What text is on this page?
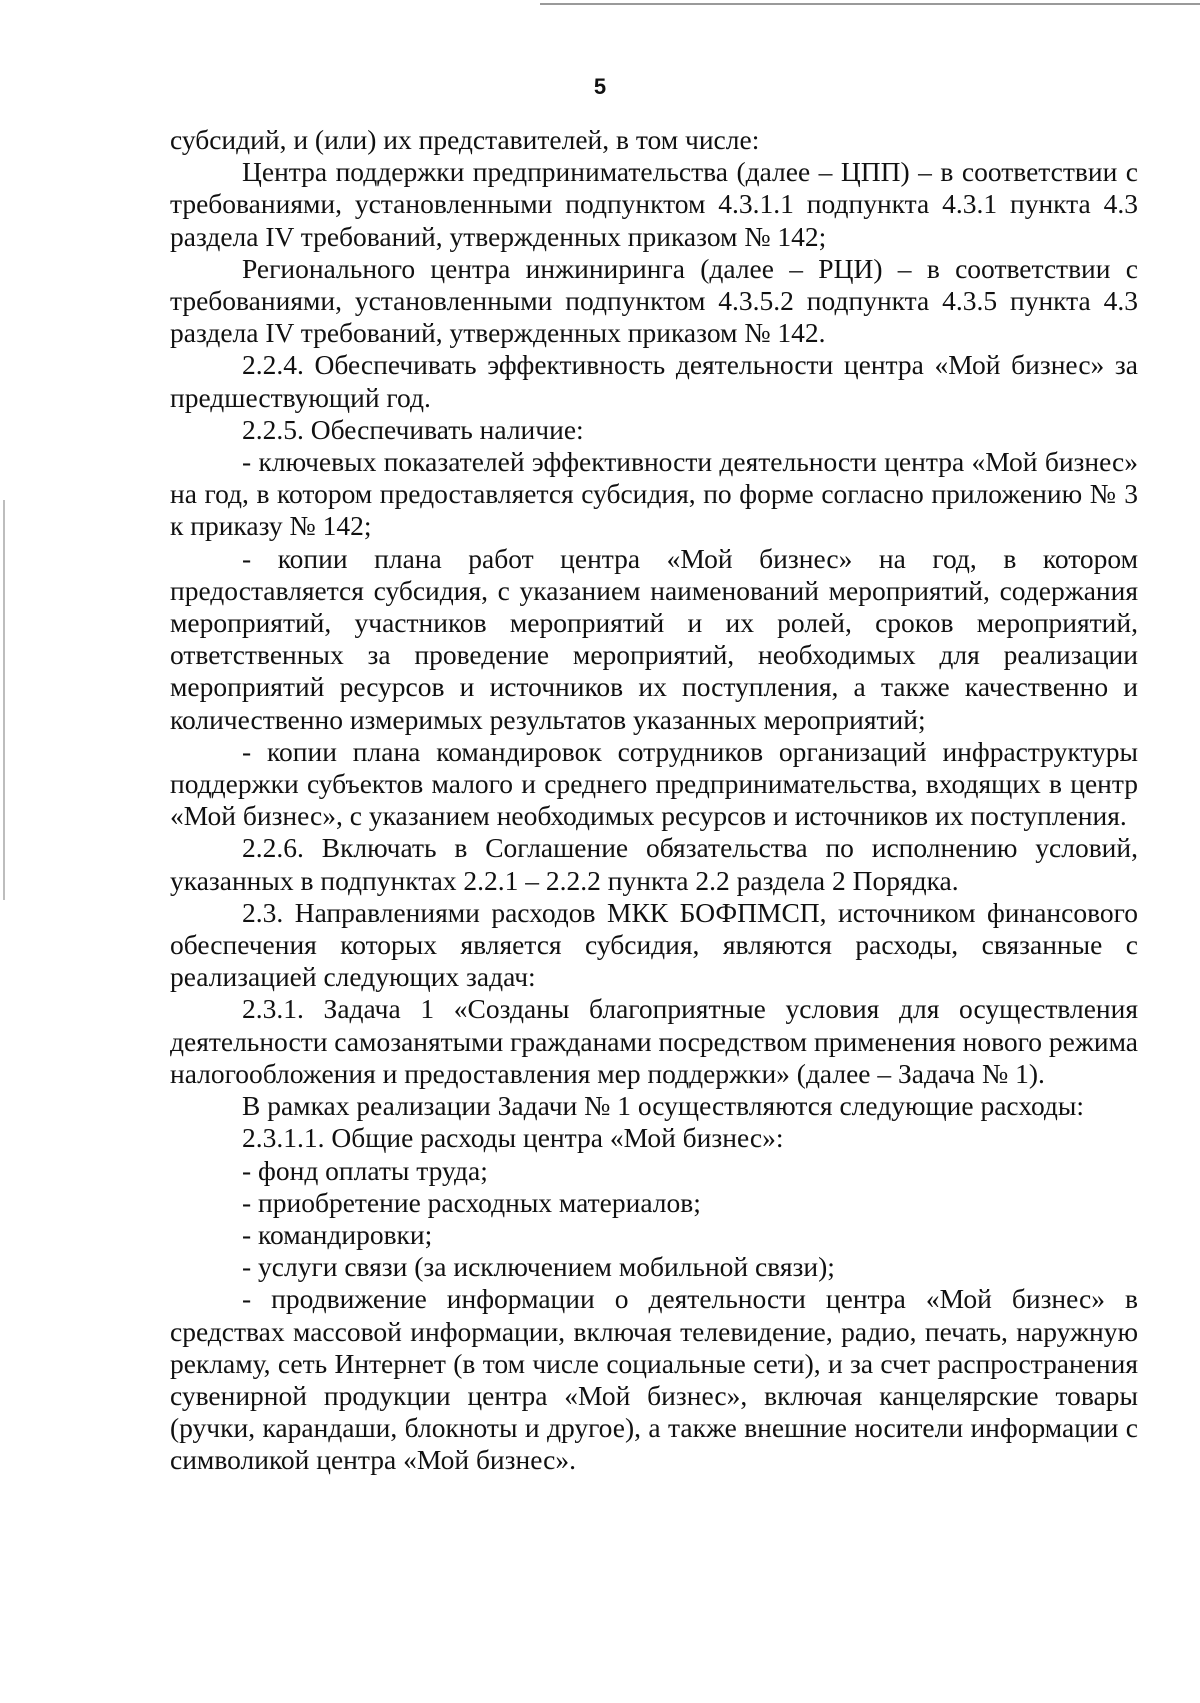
5

субсидий, и (или) их представителей, в том числе:

Центра поддержки предпринимательства (далее – ЦПП) – в соответствии с требованиями, установленными подпунктом 4.3.1.1 подпункта 4.3.1 пункта 4.3 раздела IV требований, утвержденных приказом № 142;

Регионального центра инжиниринга (далее – РЦИ) – в соответствии с требованиями, установленными подпунктом 4.3.5.2 подпункта 4.3.5 пункта 4.3 раздела IV требований, утвержденных приказом № 142.

2.2.4. Обеспечивать эффективность деятельности центра «Мой бизнес» за предшествующий год.

2.2.5. Обеспечивать наличие:

- ключевых показателей эффективности деятельности центра «Мой бизнес» на год, в котором предоставляется субсидия, по форме согласно приложению № 3 к приказу № 142;

- копии плана работ центра «Мой бизнес» на год, в котором предоставляется субсидия, с указанием наименований мероприятий, содержания мероприятий, участников мероприятий и их ролей, сроков мероприятий, ответственных за проведение мероприятий, необходимых для реализации мероприятий ресурсов и источников их поступления, а также качественно и количественно измеримых результатов указанных мероприятий;

- копии плана командировок сотрудников организаций инфраструктуры поддержки субъектов малого и среднего предпринимательства, входящих в центр «Мой бизнес», с указанием необходимых ресурсов и источников их поступления.

2.2.6. Включать в Соглашение обязательства по исполнению условий, указанных в подпунктах 2.2.1 – 2.2.2 пункта 2.2 раздела 2 Порядка.

2.3. Направлениями расходов МКК БОФПМСП, источником финансового обеспечения которых является субсидия, являются расходы, связанные с реализацией следующих задач:

2.3.1. Задача 1 «Созданы благоприятные условия для осуществления деятельности самозанятыми гражданами посредством применения нового режима налогообложения и предоставления мер поддержки» (далее – Задача № 1).

В рамках реализации Задачи № 1 осуществляются следующие расходы:

2.3.1.1. Общие расходы центра «Мой бизнес»:

- фонд оплаты труда;

- приобретение расходных материалов;

- командировки;

- услуги связи (за исключением мобильной связи);

- продвижение информации о деятельности центра «Мой бизнес» в средствах массовой информации, включая телевидение, радио, печать, наружную рекламу, сеть Интернет (в том числе социальные сети), и за счет распространения сувенирной продукции центра «Мой бизнес», включая канцелярские товары (ручки, карандаши, блокноты и другое), а также внешние носители информации с символикой центра «Мой бизнес».
